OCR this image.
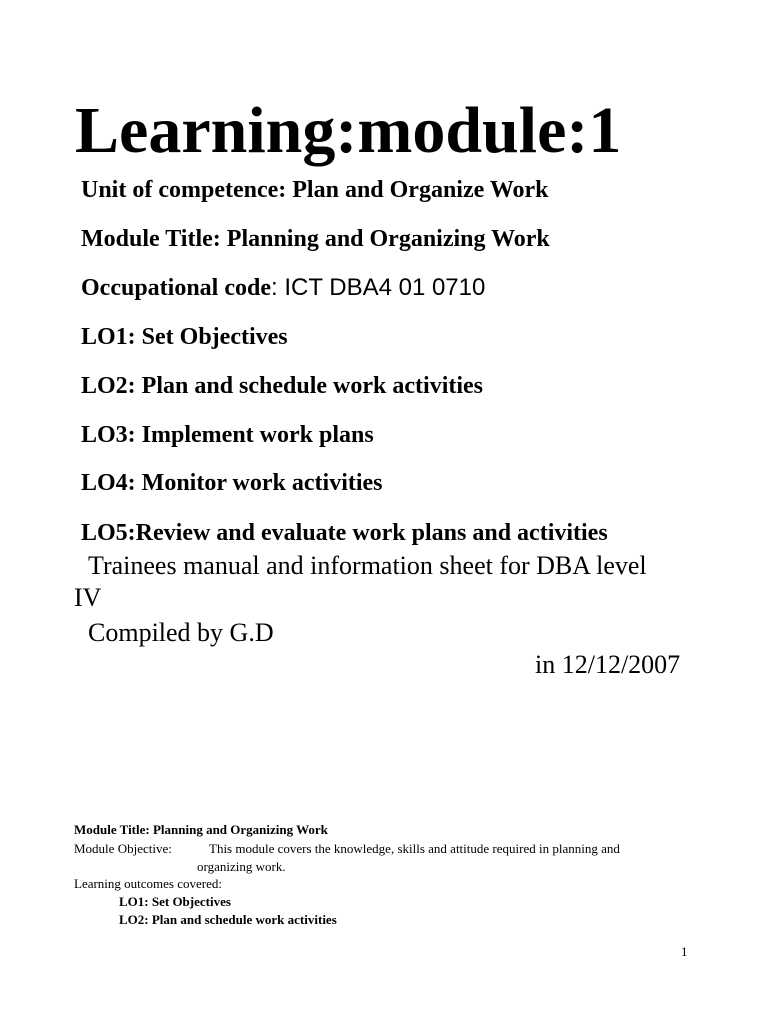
Learning:module:1
Unit of competence: Plan and Organize Work
Module Title: Planning and Organizing Work
Occupational code: ICT DBA4 01 0710
LO1: Set Objectives
LO2: Plan and schedule work activities
LO3: Implement work plans
LO4: Monitor work activities
LO5:Review and evaluate work plans and activities
Trainees manual and information sheet for DBA level
IV
Compiled by G.D
in 12/12/2007
Module Title: Planning and Organizing Work
Module Objective:	This module covers the knowledge, skills and attitude required in planning and
organizing work.
Learning outcomes covered:
LO1: Set Objectives
LO2: Plan and schedule work activities
1
